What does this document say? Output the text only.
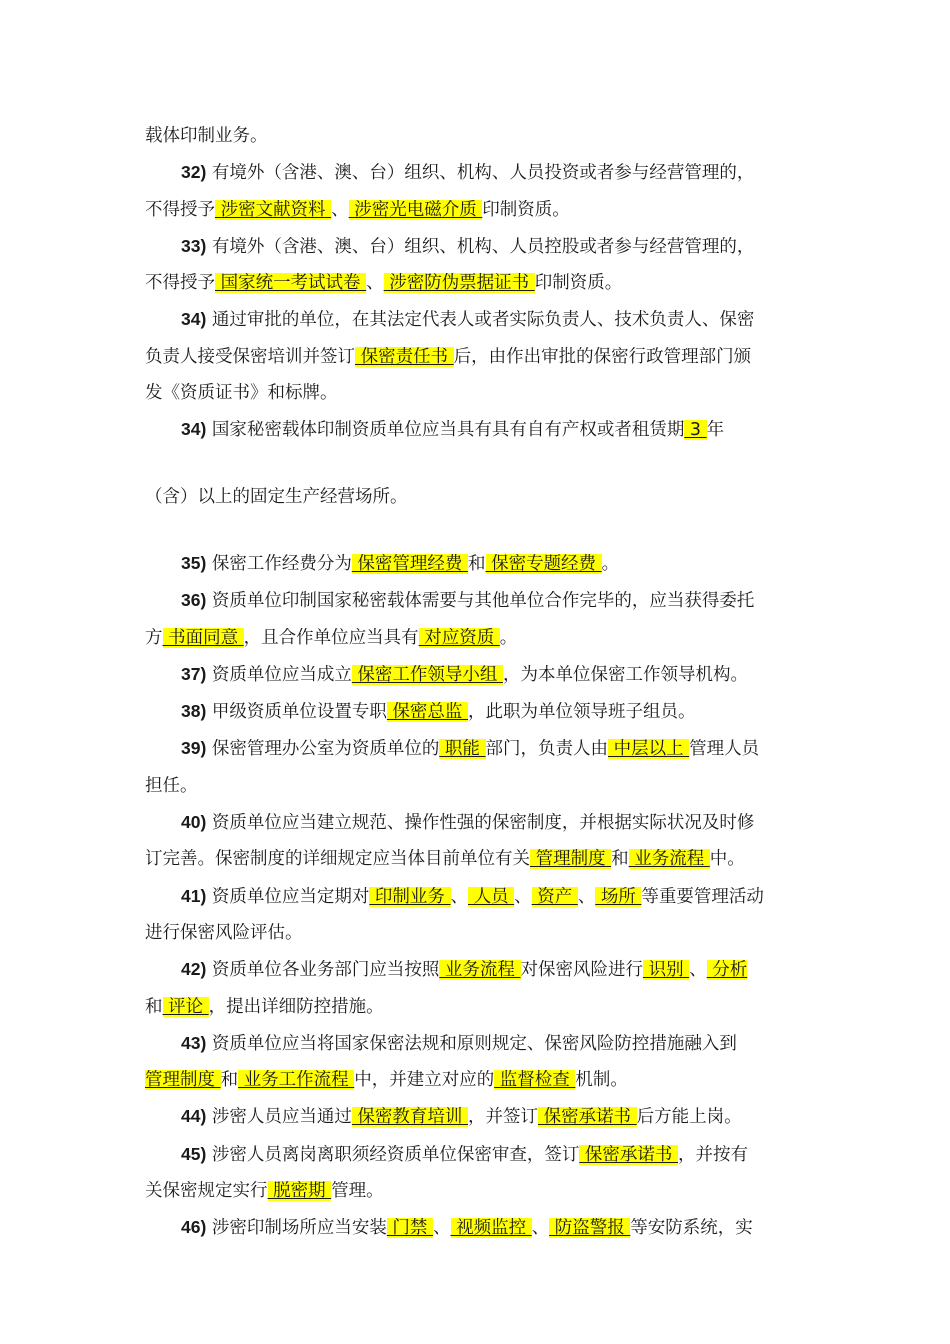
载体印制业务。

32) 有境外（含港、澳、台）组织、机构、人员投资或者参与经营管理的，

不得授予 涉密文献资料 、 涉密光电磁介质 印制资质。

33) 有境外（含港、澳、台）组织、机构、人员控股或者参与经营管理的，

不得授予 国家统一考试试卷 、 涉密防伪票据证书 印制资质。

34) 通过审批的单位，在其法定代表人或者实际负责人、技术负责人、保密

负责人接受保密培训并签订 保密责任书 后，由作出审批的保密行政管理部门颁

发《资质证书》和标牌。

34) 国家秘密载体印制资质单位应当具有具有自有产权或者租赁期 3 年

（含）以上的固定生产经营场所。

35) 保密工作经费分为 保密管理经费 和 保密专题经费 。

36) 资质单位印制国家秘密载体需要与其他单位合作完毕的，应当获得委托

方 书面同意 ，且合作单位应当具有 对应资质 。

37) 资质单位应当成立 保密工作领导小组 ，为本单位保密工作领导机构。

38) 甲级资质单位设置专职 保密总监 ，此职为单位领导班子组员。

39) 保密管理办公室为资质单位的 职能 部门，负责人由 中层以上 管理人员

担任。

40) 资质单位应当建立规范、操作性强的保密制度，并根据实际状况及时修

订完善。保密制度的详细规定应当体目前单位有关 管理制度 和 业务流程 中。

41) 资质单位应当定期对 印制业务 、 人员 、 资产 、 场所 等重要管理活动

进行保密风险评估。

42) 资质单位各业务部门应当按照 业务流程 对保密风险进行 识别 、 分析

和 评论 ，提出详细防控措施。

43) 资质单位应当将国家保密法规和原则规定、保密风险防控措施融入到

管理制度 和 业务工作流程 中，并建立对应的 监督检查 机制。

44) 涉密人员应当通过 保密教育培训 ，并签订 保密承诺书 后方能上岗。

45) 涉密人员离岗离职须经资质单位保密审查，签订 保密承诺书 ，并按有

关保密规定实行 脱密期 管理。

46) 涉密印制场所应当安装 门禁 、 视频监控 、 防盗警报 等安防系统，实
